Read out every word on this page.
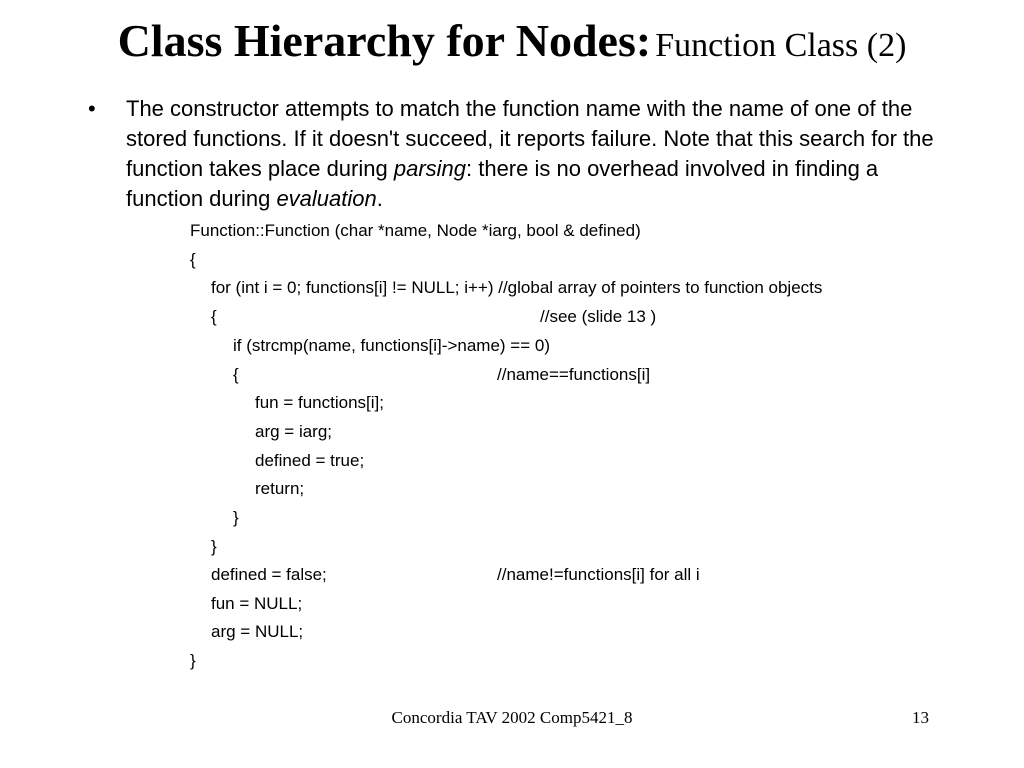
Class Hierarchy for Nodes: Function Class (2)
• The constructor attempts to match the function name with the name of one of the stored functions. If it doesn't succeed, it reports failure. Note that this search for the function takes place during parsing: there is no overhead involved in finding a function during evaluation.
Function::Function (char *name, Node *iarg, bool & defined)
{
for (int i = 0; functions[i] != NULL; i++) //global array of pointers to function objects
{	//see (slide 13 )
if (strcmp(name, functions[i]->name) == 0)
{	//name==functions[i]
fun = functions[i];
arg = iarg;
defined = true;
return;
}
}
defined = false;	//name!=functions[i] for all i
fun = NULL;
arg = NULL;
}
Concordia TAV 2002 Comp5421_8	13
